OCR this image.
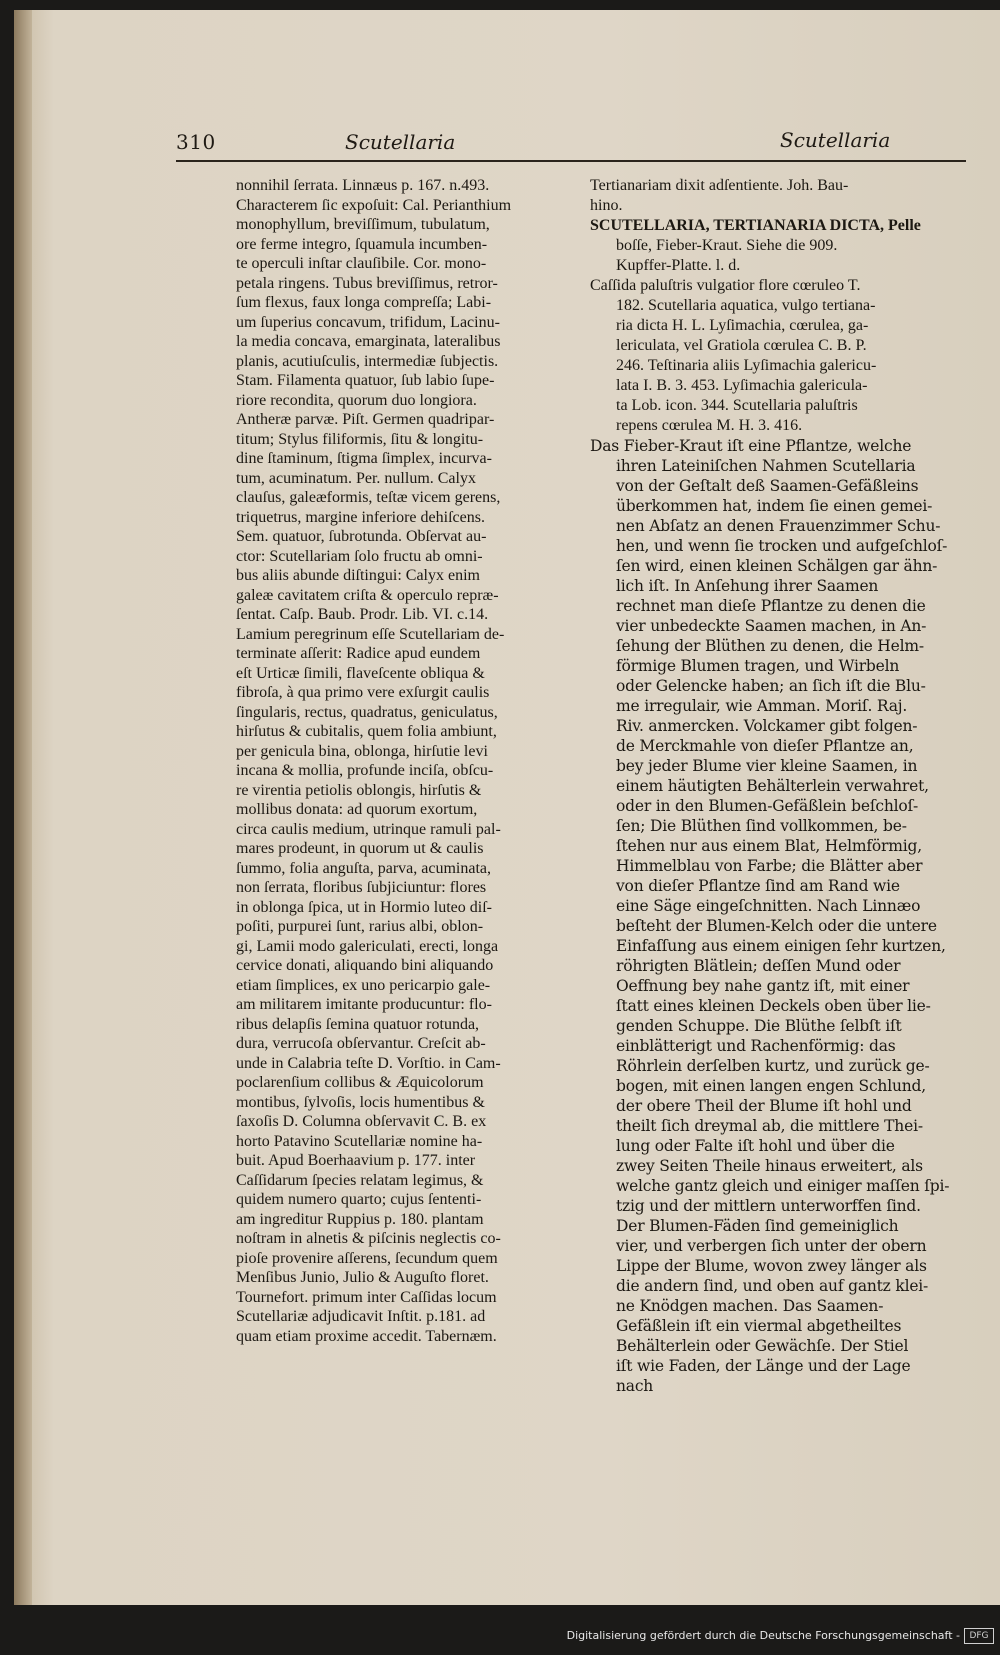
310	Scutellaria	Scutellaria
nonnihil ſerrata. Linnæus p. 167. n.493.
Characterem ſic expoſuit: Cal. Perianthium
monophyllum, breviſſimum, tubulatum,
ore ferme integro, ſquamula incumben-
te operculi inſtar clauſibile. Cor. mono-
petala ringens. Tubus breviſſimus, retror-
ſum flexus, faux longa compreſſa; Labi-
um ſuperius concavum, trifidum, Lacinu-
la media concava, emarginata, lateralibus
planis, acutiuſculis, intermediæ ſubjectis.
Stam. Filamenta quatuor, ſub labio ſupe-
riore recondita, quorum duo longiora.
Antheræ parvæ. Piſt. Germen quadripar-
titum; Stylus filiformis, ſitu & longitu-
dine ſtaminum, ſtigma ſimplex, incurva-
tum, acuminatum. Per. nullum. Calyx
clauſus, galeæformis, teſtæ vicem gerens,
triquetrus, margine inferiore dehiſcens.
Sem. quatuor, ſubrotunda. Obſervat au-
ctor: Scutellariam ſolo fructu ab omni-
bus aliis abunde diſtingui: Calyx enim
galeæ cavitatem criſta & operculo repræ-
ſentat. Caſp. Baub. Prodr. Lib. VI. c.14.
Lamium peregrinum eſſe Scutellariam de-
terminate aſſerit: Radice apud eundem
eſt Urticæ ſimili, flaveſcente obliqua &
fibroſa, à qua primo vere exſurgit caulis
ſingularis, rectus, quadratus, geniculatus,
hirſutus & cubitalis, quem folia ambiunt,
per genicula bina, oblonga, hirſutie levi
incana & mollia, profunde inciſa, obſcu-
re virentia petiolis oblongis, hirſutis &
mollibus donata: ad quorum exortum,
circa caulis medium, utrinque ramuli pal-
mares prodeunt, in quorum ut & caulis
ſummo, folia anguſta, parva, acuminata,
non ſerrata, floribus ſubjiciuntur: flores
in oblonga ſpica, ut in Hormio luteo diſ-
poſiti, purpurei ſunt, rarius albi, oblon-
gi, Lamii modo galericulati, erecti, longa
cervice donati, aliquando bini aliquando
etiam ſimplices, ex uno pericarpio gale-
am militarem imitante producuntur: flo-
ribus delapſis ſemina quatuor rotunda,
dura, verrucoſa obſervantur. Creſcit ab-
unde in Calabria teſte D. Vorſtio. in Cam-
poclarenſium collibus & Æquicolorum
montibus, ſylvoſis, locis humentibus &
ſaxoſis D. Columna obſervavit C. B. ex
horto Patavino Scutellariæ nomine ha-
buit. Apud Boerhaavium p. 177. inter
Caſſidarum ſpecies relatam legimus, &
quidem numero quarto; cujus ſententi-
am ingreditur Ruppius p. 180. plantam
noſtram in alnetis & piſcinis neglectis co-
pioſe provenire aſſerens, ſecundum quem
Menſibus Junio, Julio & Auguſto floret.
Tournefort. primum inter Caſſidas locum
Scutellariæ adjudicavit Inſtit. p.181. ad
quam etiam proxime accedit. Tabernæm.
Tertianariam dixit adſentiente. Joh. Bau-
hino.
SCUTELLARIA, TERTIANARIA DICTA, Pelle
boſſe, Fieber-Kraut. Siehe die 909.
Kupffer-Platte. l. d.
Caſſida paluſtris vulgatior flore cœruleo T.
182. Scutellaria aquatica, vulgo tertiana-
ria dicta H. L. Lyſimachia, cœrulea, ga-
lericulata, vel Gratiola cœrulea C. B. P.
246. Teſtinaria aliis Lyſimachia galericu-
lata I. B. 3. 453. Lyſimachia galericula-
ta Lob. icon. 344. Scutellaria paluſtris
repens cœrulea M. H. 3. 416.
Das Fieber-Kraut iſt eine Pflantze, welche
ihren Lateiniſchen Nahmen Scutellaria
von der Geſtalt deß Saamen-Gefäßleins
überkommen hat, indem ſie einen gemei-
nen Abſatz an denen Frauenzimmer Schu-
hen, und wenn ſie trocken und aufgeſchloſ-
ſen wird, einen kleinen Schälgen gar ähn-
lich iſt. In Anſehung ihrer Saamen
rechnet man dieſe Pflantze zu denen die
vier unbedeckte Saamen machen, in An-
ſehung der Blüthen zu denen, die Helm-
förmige Blumen tragen, und Wirbeln
oder Gelencke haben; an ſich iſt die Blu-
me irregulair, wie Amman. Moriſ. Raj.
Riv. anmercken. Volckamer gibt folgen-
de Merckmahle von dieſer Pflantze an,
bey jeder Blume vier kleine Saamen, in
einem häutigten Behälterlein verwahret,
oder in den Blumen-Gefäßlein beſchloſ-
ſen; Die Blüthen ſind vollkommen, be-
ſtehen nur aus einem Blat, Helmförmig,
Himmelblau von Farbe; die Blätter aber
von dieſer Pflantze ſind am Rand wie
eine Säge eingeſchnitten. Nach Linnæo
beſteht der Blumen-Kelch oder die untere
Einfaſſung aus einem einigen ſehr kurtzen,
röhrigten Blätlein; deſſen Mund oder
Oeffnung bey nahe gantz iſt, mit einer
ſtatt eines kleinen Deckels oben über lie-
genden Schuppe. Die Blüthe ſelbſt iſt
einblätterigt und Rachenförmig: das
Röhrlein derſelben kurtz, und zurück ge-
bogen, mit einen langen engen Schlund,
der obere Theil der Blume iſt hohl und
theilt ſich dreymal ab, die mittlere Thei-
lung oder Falte iſt hohl und über die
zwey Seiten Theile hinaus erweitert, als
welche gantz gleich und einiger maſſen ſpi-
tzig und der mittlern unterworffen ſind.
Der Blumen-Fäden ſind gemeiniglich
vier, und verbergen ſich unter der obern
Lippe der Blume, wovon zwey länger als
die andern ſind, und oben auf gantz klei-
ne Knödgen machen. Das Saamen-
Gefäßlein iſt ein viermal abgetheiltes
Behälterlein oder Gewächſe. Der Stiel
iſt wie Faden, der Länge und der Lage
nach
Digitalisierung gefördert durch die Deutsche Forschungsgemeinschaft -	DFG
